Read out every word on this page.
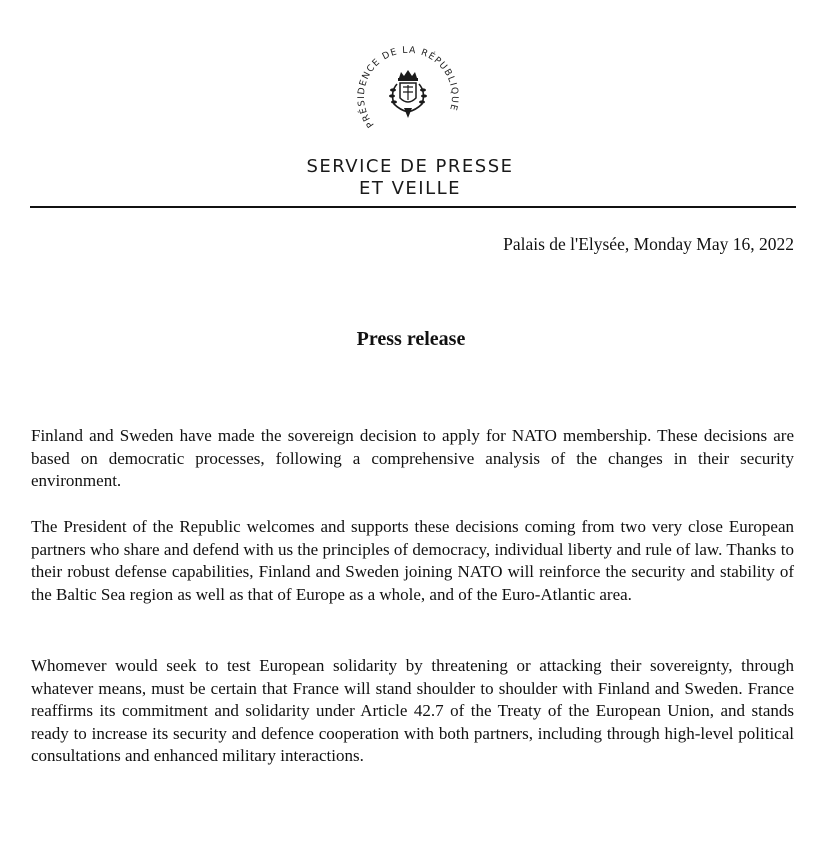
PRÉSIDENCE DE LA RÉPUBLIQUE

SERVICE DE PRESSE

ET VEILLE

Palais de l'Elysée, Monday May 16, 2022

Press release

Finland and Sweden have made the sovereign decision to apply for NATO membership. These decisions are based on democratic processes, following a comprehensive analysis of the changes in their security environment.

The President of the Republic welcomes and supports these decisions coming from two very close European partners who share and defend with us the principles of democracy, individual liberty and rule of law. Thanks to their robust defense capabilities, Finland and Sweden joining NATO will reinforce the security and stability of the Baltic Sea region as well as that of Europe as a whole, and of the Euro-Atlantic area.

Whomever would seek to test European solidarity by threatening or attacking their sovereignty, through whatever means, must be certain that France will stand shoulder to shoulder with Finland and Sweden. France reaffirms its commitment and solidarity under Article 42.7 of the Treaty of the European Union, and stands ready to increase its security and defence cooperation with both partners, including through high-level political consultations and enhanced military interactions.
